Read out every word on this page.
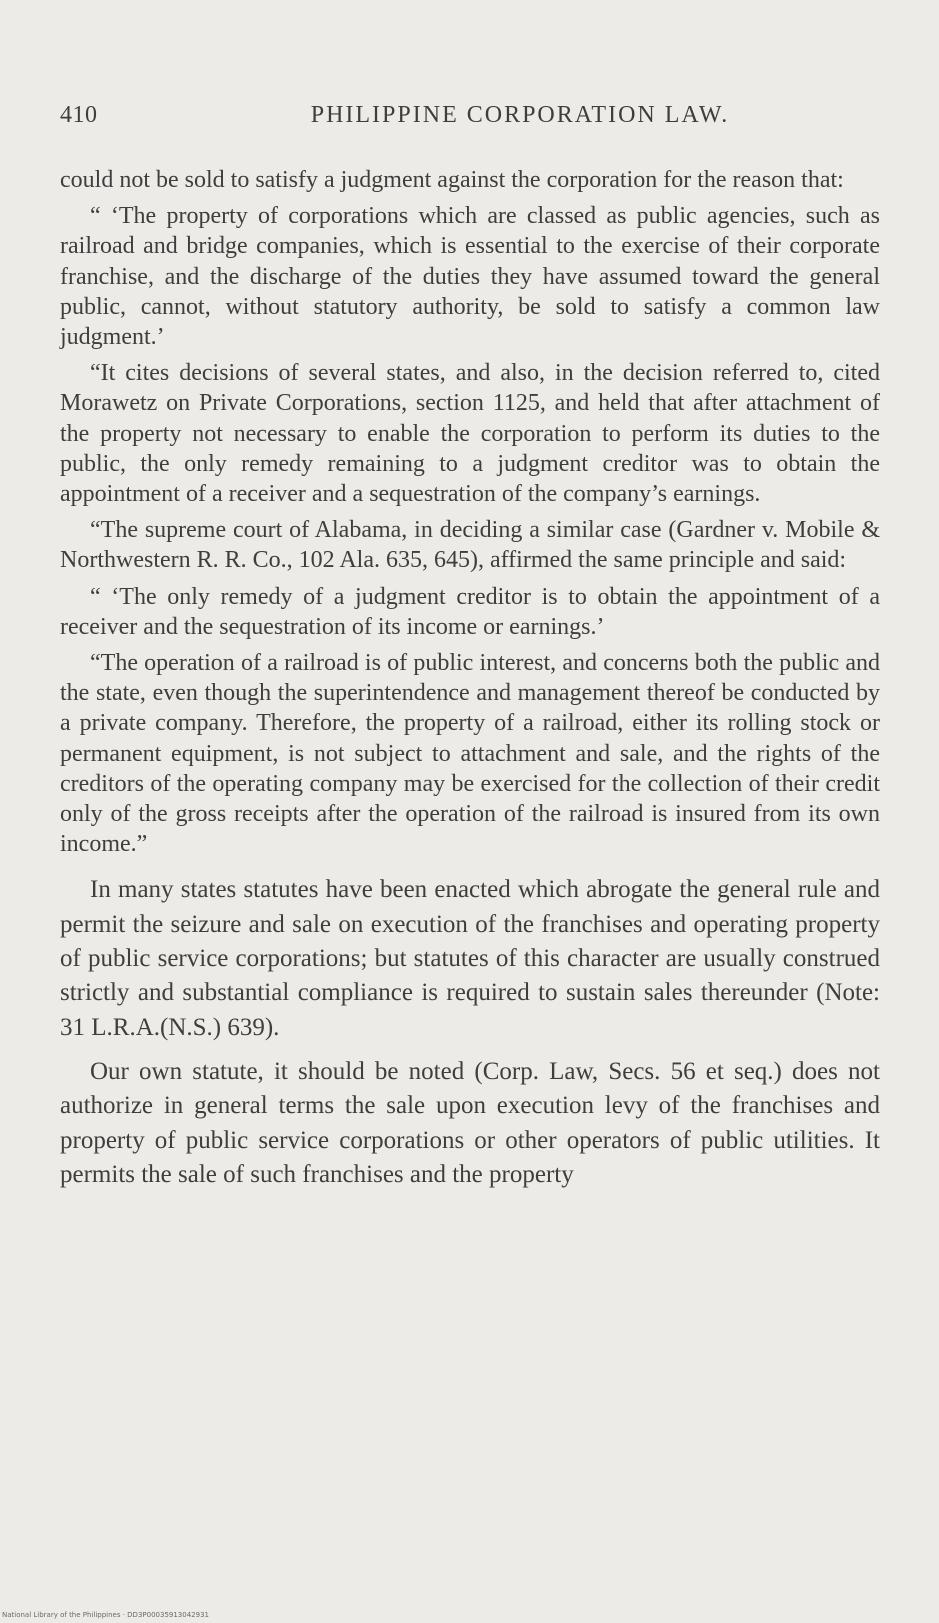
410	PHILIPPINE CORPORATION LAW.

could not be sold to satisfy a judgment against the corporation for the reason that:

“ ‘The property of corporations which are classed as public agencies, such as railroad and bridge companies, which is essential to the exercise of their corporate franchise, and the discharge of the duties they have assumed toward the general public, cannot, without statutory authority, be sold to satisfy a common law judgment.’

“It cites decisions of several states, and also, in the decision referred to, cited Morawetz on Private Corporations, section 1125, and held that after attachment of the property not necessary to enable the corporation to perform its duties to the public, the only remedy remaining to a judgment creditor was to obtain the appointment of a receiver and a sequestration of the company’s earnings.

“The supreme court of Alabama, in deciding a similar case (Gardner v. Mobile & Northwestern R. R. Co., 102 Ala. 635, 645), affirmed the same principle and said:

“ ‘The only remedy of a judgment creditor is to obtain the appointment of a receiver and the sequestration of its income or earnings.’

“The operation of a railroad is of public interest, and concerns both the public and the state, even though the superintendence and management thereof be conducted by a private company. Therefore, the property of a railroad, either its rolling stock or permanent equipment, is not subject to attachment and sale, and the rights of the creditors of the operating company may be exercised for the collection of their credit only of the gross receipts after the operation of the railroad is insured from its own income.”

In many states statutes have been enacted which abrogate the general rule and permit the seizure and sale on execution of the franchises and operating property of public service corporations; but statutes of this character are usually construed strictly and substantial compliance is required to sustain sales thereunder (Note: 31 L.R.A.(N.S.) 639).

Our own statute, it should be noted (Corp. Law, Secs. 56 et seq.) does not authorize in general terms the sale upon execution levy of the franchises and property of public service corporations or other operators of public utilities. It permits the sale of such franchises and the property

National Library of the Philippines · DD3P00035913042931
